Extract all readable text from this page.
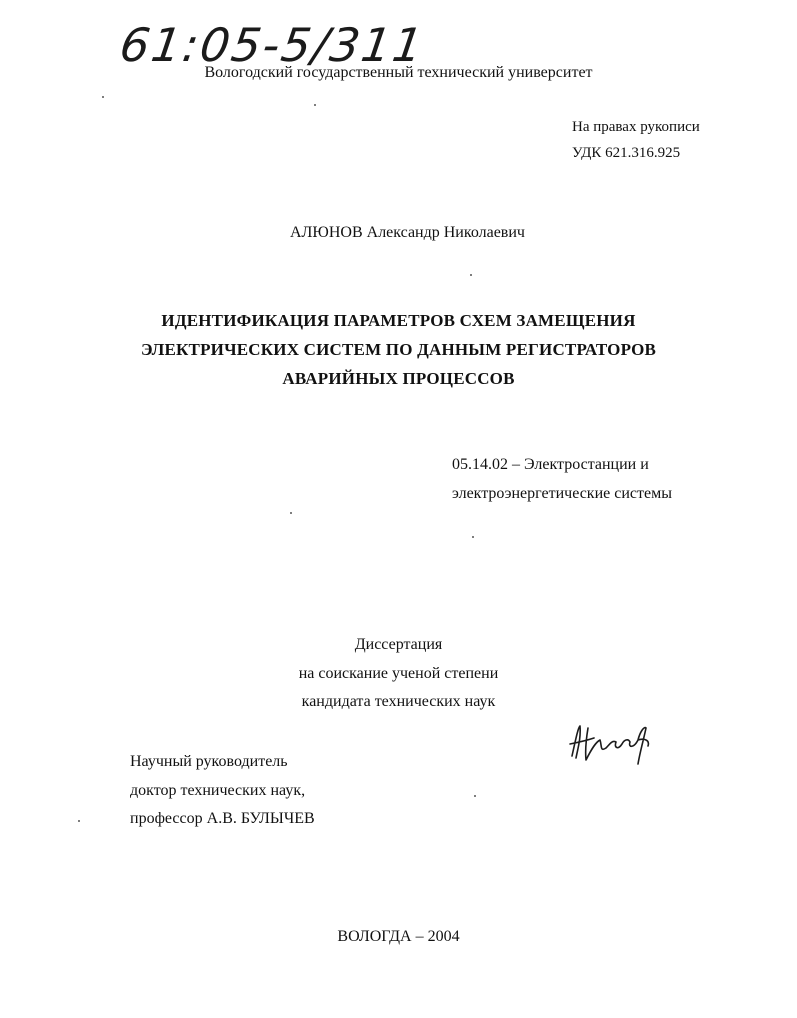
61:05-5/311
Вологодский государственный технический университет
На правах рукописи
УДК 621.316.925
АЛЮНОВ Александр Николаевич
ИДЕНТИФИКАЦИЯ ПАРАМЕТРОВ СХЕМ ЗАМЕЩЕНИЯ
ЭЛЕКТРИЧЕСКИХ СИСТЕМ ПО ДАННЫМ РЕГИСТРАТОРОВ
АВАРИЙНЫХ ПРОЦЕССОВ
05.14.02 – Электростанции и
электроэнергетические системы
Диссертация
на соискание ученой степени
кандидата технических наук
Научный руководитель
доктор технических наук,
профессор А.В. БУЛЫЧЕВ
ВОЛОГДА – 2004
